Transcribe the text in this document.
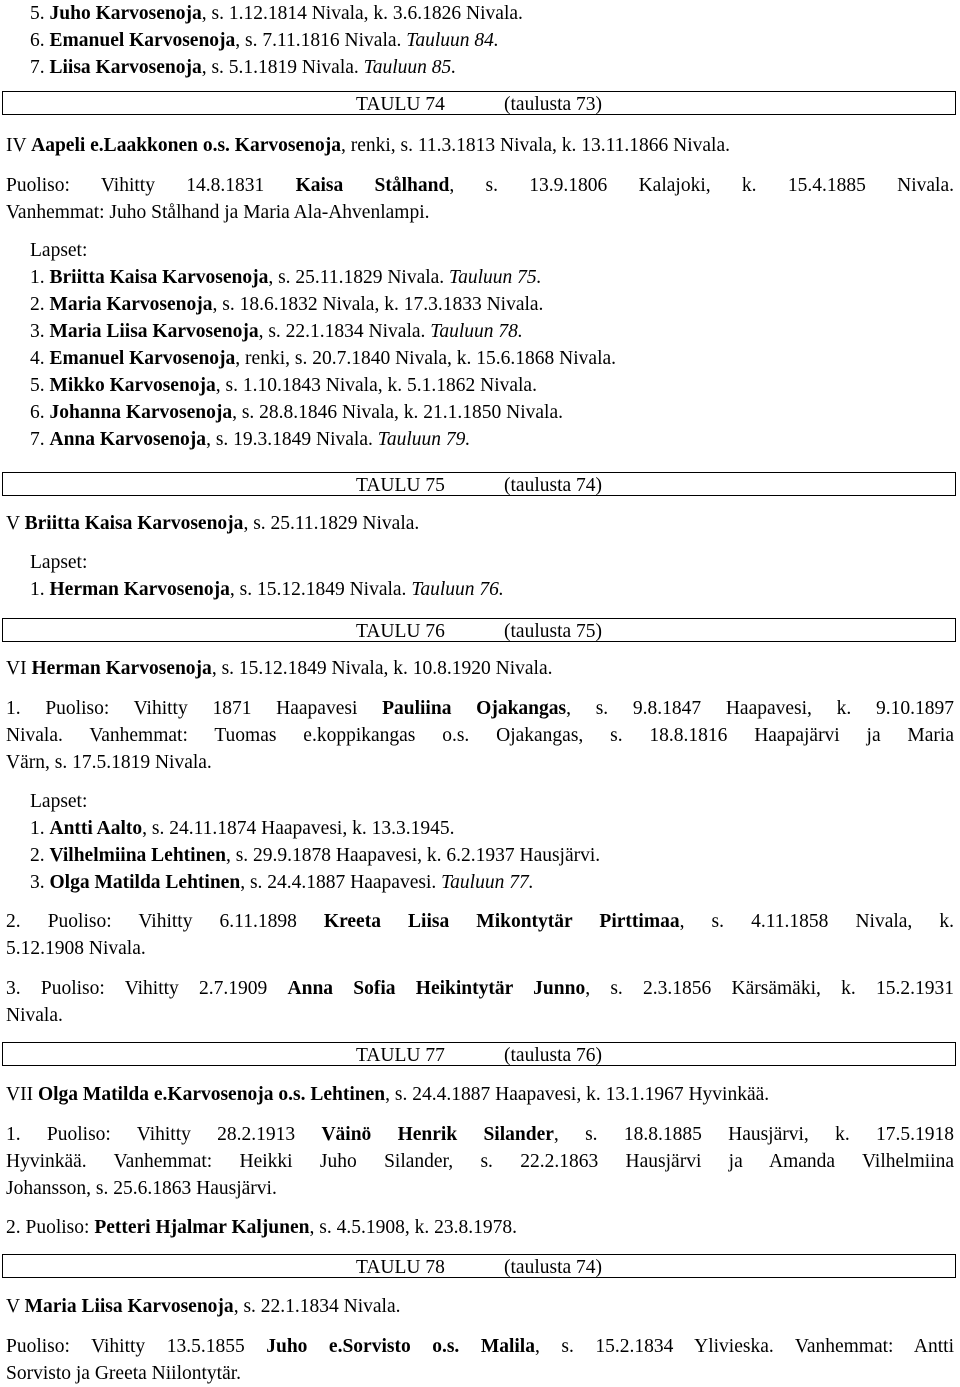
5. Juho Karvosenoja, s. 1.12.1814 Nivala, k. 3.6.1826 Nivala.
6. Emanuel Karvosenoja, s. 7.11.1816 Nivala. Tauluun 84.
7. Liisa Karvosenoja, s. 5.1.1819 Nivala. Tauluun 85.
TAULU 74	(taulusta 73)
IV Aapeli e.Laakkonen o.s. Karvosenoja, renki, s. 11.3.1813 Nivala, k. 13.11.1866 Nivala.
Puoliso: Vihitty 14.8.1831 Kaisa Stålhand, s. 13.9.1806 Kalajoki, k. 15.4.1885 Nivala.
Vanhemmat: Juho Stålhand ja Maria Ala-Ahvenlampi.
Lapset:
1. Briitta Kaisa Karvosenoja, s. 25.11.1829 Nivala. Tauluun 75.
2. Maria Karvosenoja, s. 18.6.1832 Nivala, k. 17.3.1833 Nivala.
3. Maria Liisa Karvosenoja, s. 22.1.1834 Nivala. Tauluun 78.
4. Emanuel Karvosenoja, renki, s. 20.7.1840 Nivala, k. 15.6.1868 Nivala.
5. Mikko Karvosenoja, s. 1.10.1843 Nivala, k. 5.1.1862 Nivala.
6. Johanna Karvosenoja, s. 28.8.1846 Nivala, k. 21.1.1850 Nivala.
7. Anna Karvosenoja, s. 19.3.1849 Nivala. Tauluun 79.
TAULU 75	(taulusta 74)
V Briitta Kaisa Karvosenoja, s. 25.11.1829 Nivala.
Lapset:
1. Herman Karvosenoja, s. 15.12.1849 Nivala. Tauluun 76.
TAULU 76	(taulusta 75)
VI Herman Karvosenoja, s. 15.12.1849 Nivala, k. 10.8.1920 Nivala.
1. Puoliso: Vihitty 1871 Haapavesi Pauliina Ojakangas, s. 9.8.1847 Haapavesi, k. 9.10.1897
Nivala. Vanhemmat: Tuomas e.koppikangas o.s. Ojakangas, s. 18.8.1816 Haapajärvi ja Maria
Värn, s. 17.5.1819 Nivala.
Lapset:
1. Antti Aalto, s. 24.11.1874 Haapavesi, k. 13.3.1945.
2. Vilhelmiina Lehtinen, s. 29.9.1878 Haapavesi, k. 6.2.1937 Hausjärvi.
3. Olga Matilda Lehtinen, s. 24.4.1887 Haapavesi. Tauluun 77.
2. Puoliso: Vihitty 6.11.1898 Kreeta Liisa Mikontytär Pirttimaa, s. 4.11.1858 Nivala, k.
5.12.1908 Nivala.
3. Puoliso: Vihitty 2.7.1909 Anna Sofia Heikintytär Junno, s. 2.3.1856 Kärsämäki, k. 15.2.1931
Nivala.
TAULU 77	(taulusta 76)
VII Olga Matilda e.Karvosenoja o.s. Lehtinen, s. 24.4.1887 Haapavesi, k. 13.1.1967 Hyvinkää.
1. Puoliso: Vihitty 28.2.1913 Väinö Henrik Silander, s. 18.8.1885 Hausjärvi, k. 17.5.1918
Hyvinkää. Vanhemmat: Heikki Juho Silander, s. 22.2.1863 Hausjärvi ja Amanda Vilhelmiina
Johansson, s. 25.6.1863 Hausjärvi.
2. Puoliso: Petteri Hjalmar Kaljunen, s. 4.5.1908, k. 23.8.1978.
TAULU 78	(taulusta 74)
V Maria Liisa Karvosenoja, s. 22.1.1834 Nivala.
Puoliso: Vihitty 13.5.1855 Juho e.Sorvisto o.s. Malila, s. 15.2.1834 Ylivieska. Vanhemmat: Antti
Sorvisto ja Greeta Niilontytär.
